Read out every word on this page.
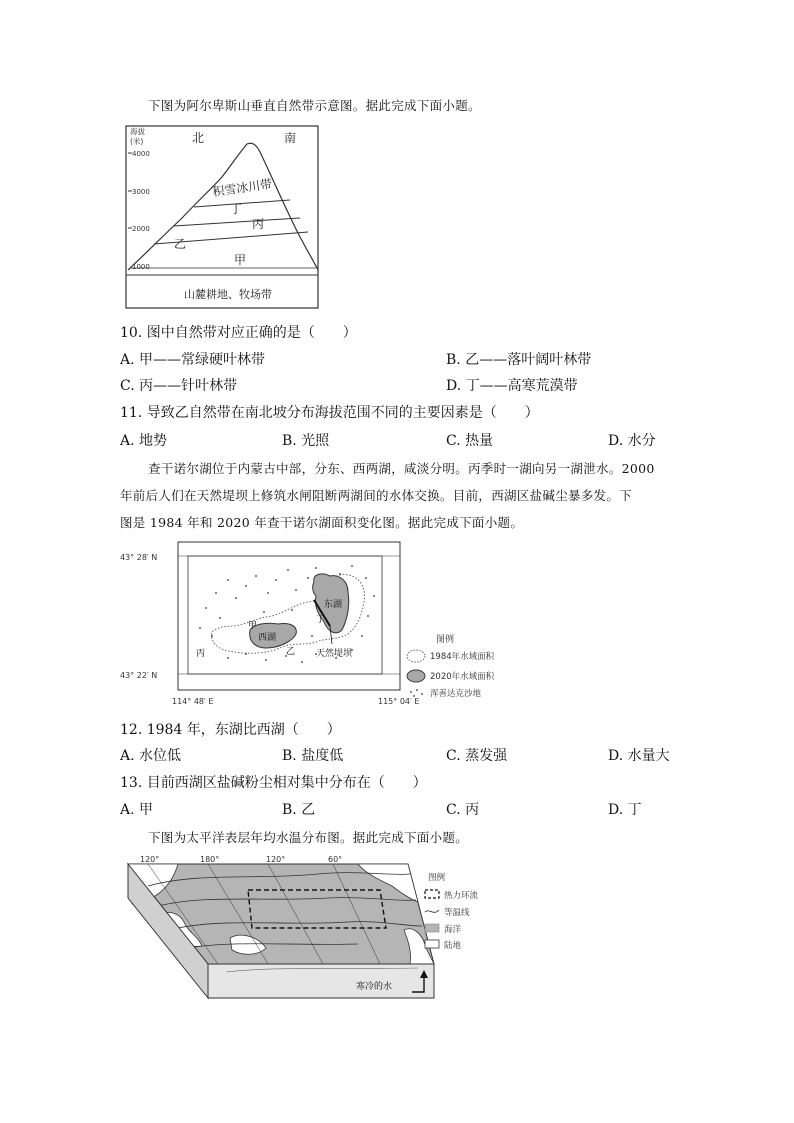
下图为阿尔卑斯山垂直自然带示意图。据此完成下面小题。
海拔
(米)
4000
3000
2000
1000
北	南
积雪冰川带
丁
丙
乙
甲
山麓耕地、牧场带
10. 图中自然带对应正确的是（　　）
A. 甲——常绿硬叶林带	B. 乙——落叶阔叶林带
C. 丙——针叶林带	D. 丁——高寒荒漠带
11. 导致乙自然带在南北坡分布海拔范围不同的主要因素是（　　）
A. 地势	B. 光照	C. 热量	D. 水分
查干诺尔湖位于内蒙古中部，分东、西两湖，咸淡分明。丙季时一湖向另一湖泄水。2000
年前后人们在天然堤坝上修筑水闸阻断两湖间的水体交换。目前，西湖区盐碱尘暴多发。下
图是 1984 年和 2020 年查干诺尔湖面积变化图。据此完成下面小题。
43° 28′ N
43° 22′ N
114° 48′ E	115° 04′ E
东湖
西湖
甲
乙
丙
丁
天然堤坝
图例
1984年水域面积
2020年水域面积
浑善达克沙地
12. 1984 年，东湖比西湖（　　）
A. 水位低	B. 盐度低	C. 蒸发强	D. 水量大
13. 目前西湖区盐碱粉尘相对集中分布在（　　）
A. 甲	B. 乙	C. 丙	D. 丁
下图为太平洋表层年均水温分布图。据此完成下面小题。
120°	180°	120°	60°
寒冷的水
图例
热力环流
等温线
海洋
陆地
